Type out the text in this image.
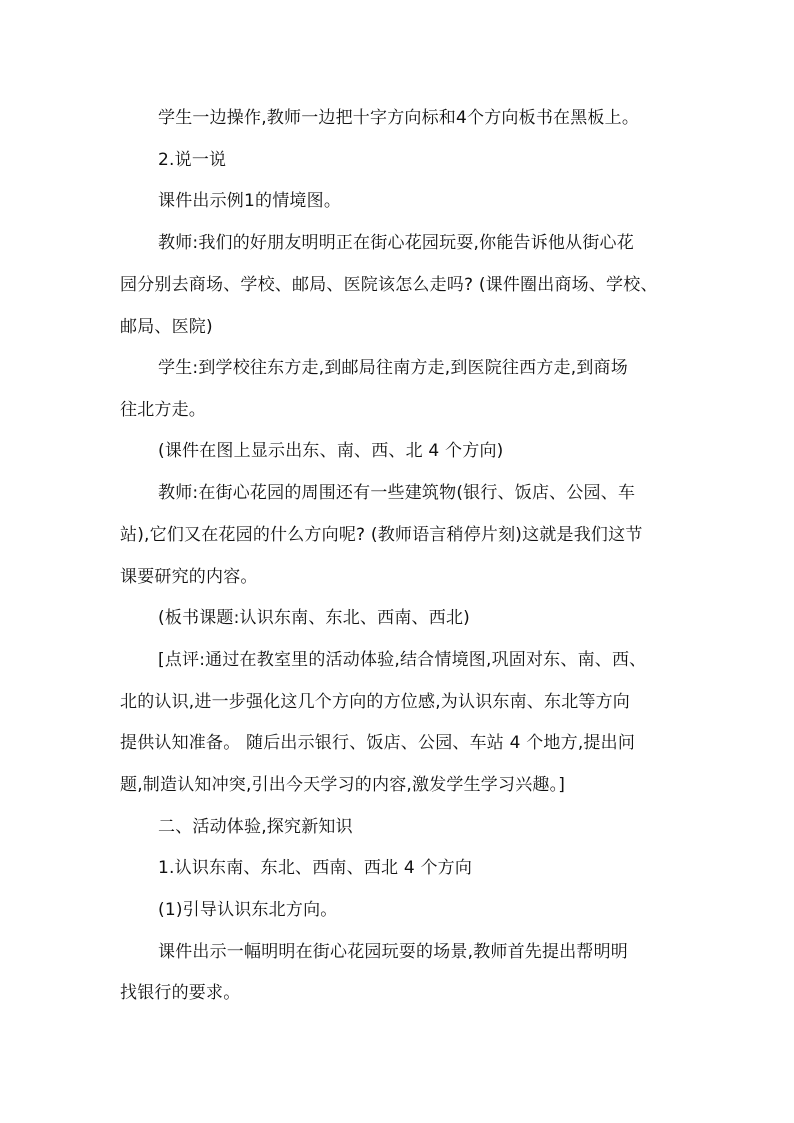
学生一边操作,教师一边把十字方向标和4个方向板书在黑板上。
2.说一说
课件出示例1的情境图。
教师:我们的好朋友明明正在街心花园玩耍,你能告诉他从街心花
园分别去商场、学校、邮局、医院该怎么走吗? (课件圈出商场、学校、
邮局、医院)
学生:到学校往东方走,到邮局往南方走,到医院往西方走,到商场
往北方走。
(课件在图上显示出东、南、西、北 4 个方向)
教师:在街心花园的周围还有一些建筑物(银行、饭店、公园、车
站),它们又在花园的什么方向呢? (教师语言稍停片刻)这就是我们这节
课要研究的内容。
(板书课题:认识东南、东北、西南、西北)
[点评:通过在教室里的活动体验,结合情境图,巩固对东、南、西、
北的认识,进一步强化这几个方向的方位感,为认识东南、东北等方向
提供认知准备。 随后出示银行、饭店、公园、车站 4 个地方,提出问
题,制造认知冲突,引出今天学习的内容,激发学生学习兴趣。]
二、活动体验,探究新知识
1.认识东南、东北、西南、西北 4 个方向
(1)引导认识东北方向。
课件出示一幅明明在街心花园玩耍的场景,教师首先提出帮明明
找银行的要求。
